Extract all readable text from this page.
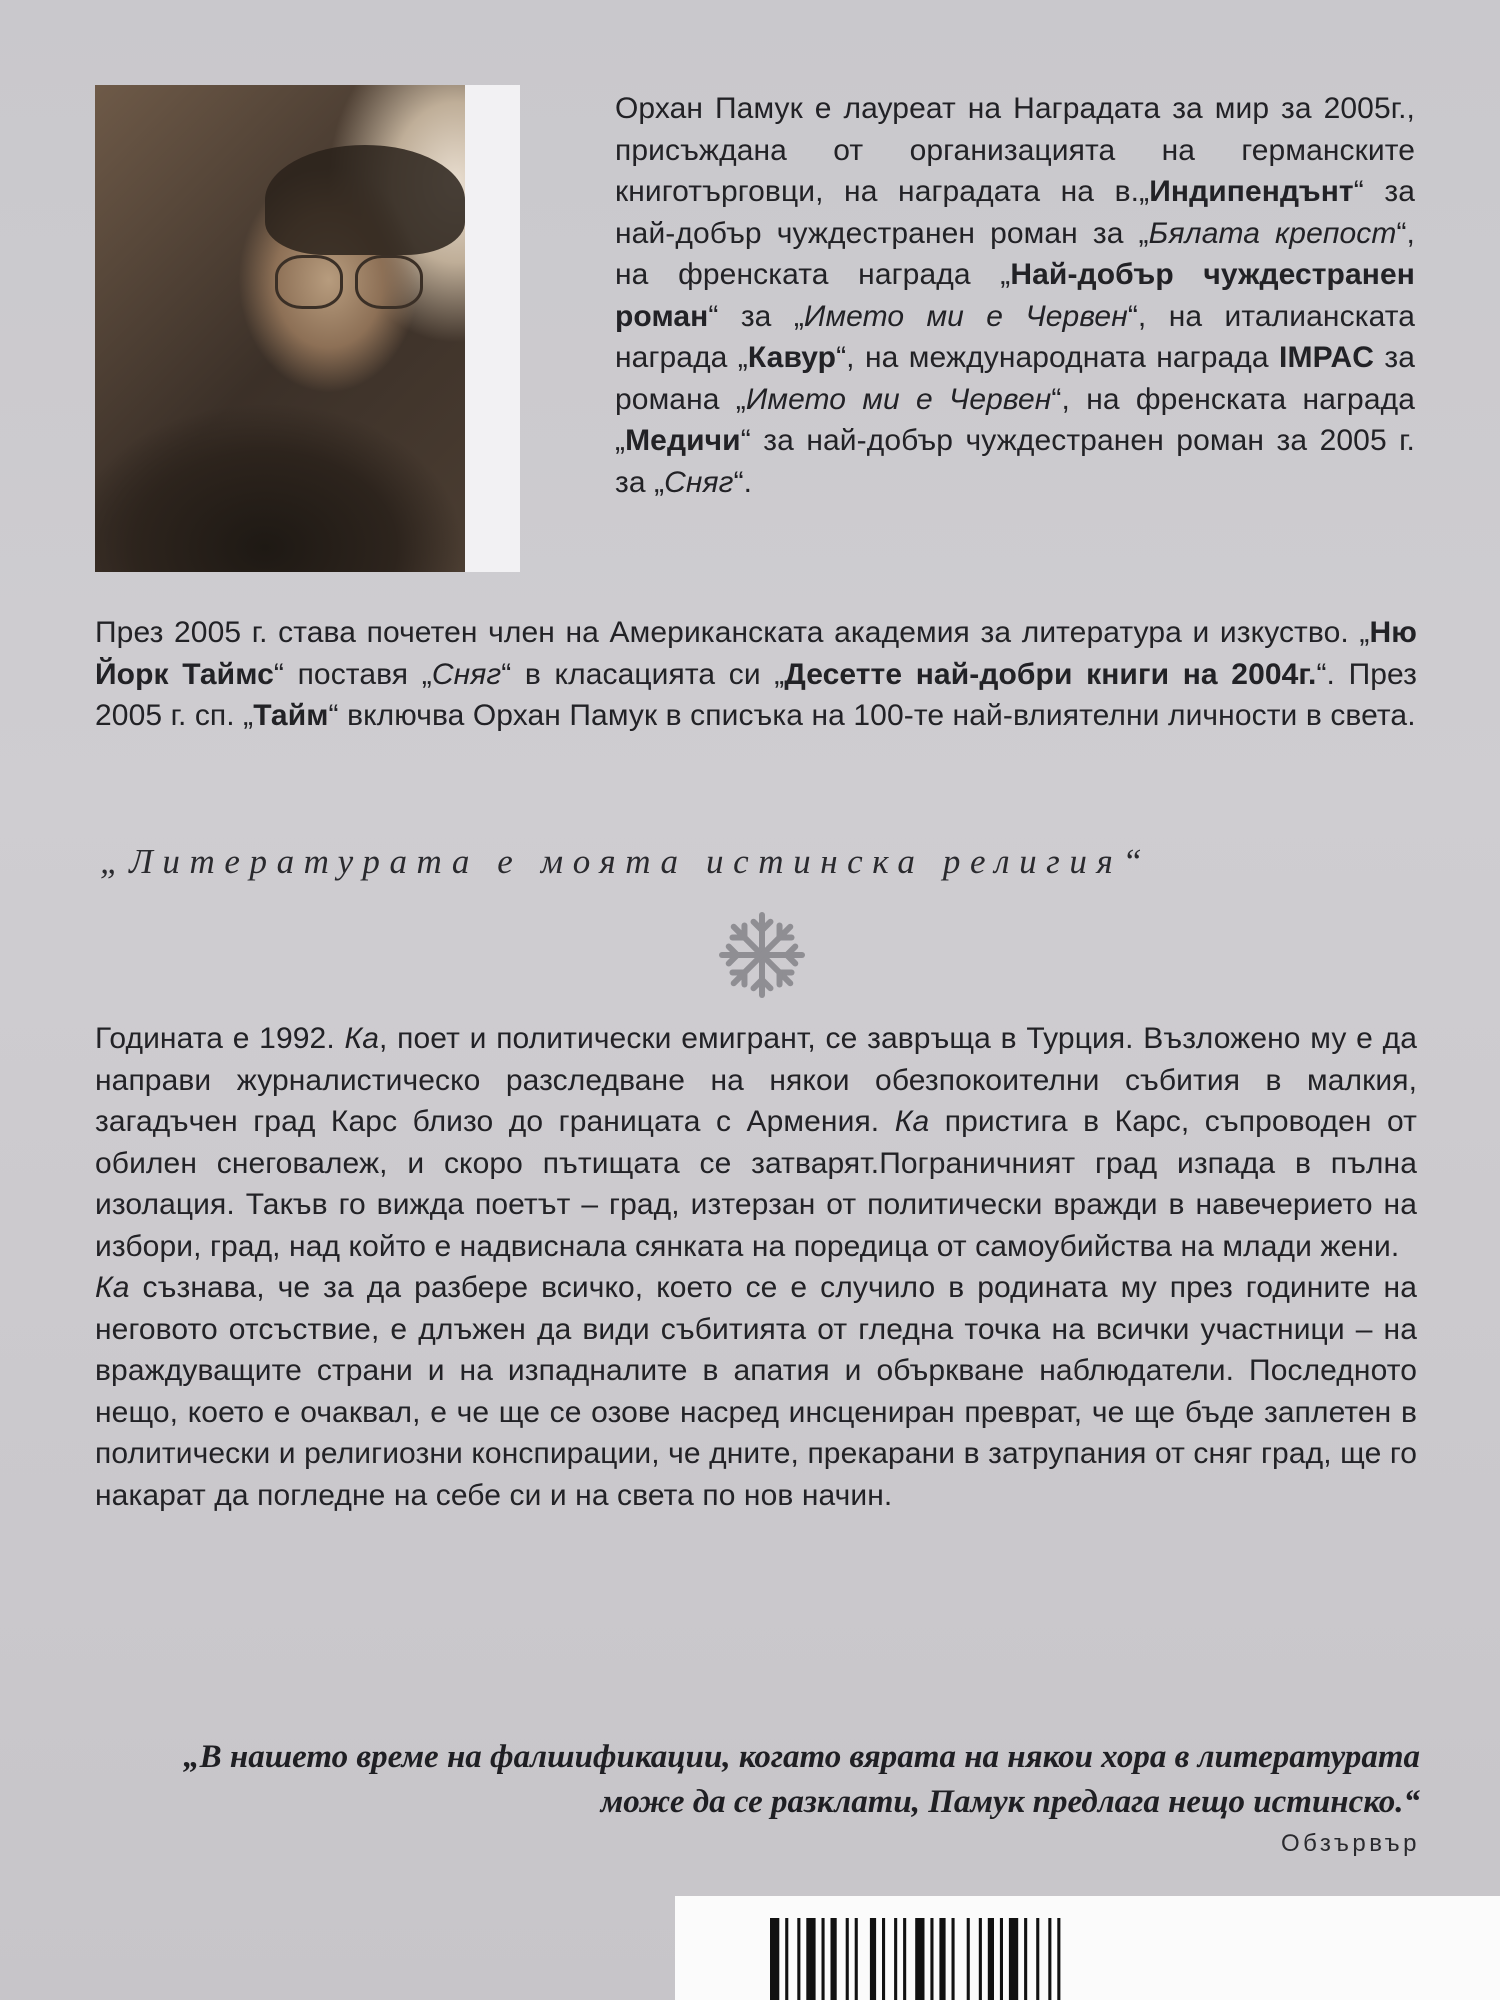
Орхан Памук е лауреат на Наградата за мир за 2005г., присъждана от организацията на германските книготърговци, на наградата на в.„Индипендънт“ за най-добър чуждестранен роман за „Бялата крепост“, на френската награда „Най-добър чуждестранен роман“ за „Името ми е Червен“, на италианската награда „Кавур“, на международната награда IMPAC за романа „Името ми е Червен“, на френската награда „Медичи“ за най-добър чуждестранен роман за 2005 г. за „Сняг“.

През 2005 г. става почетен член на Американската академия за литература и изкуство. „Ню Йорк Таймс“ поставя „Сняг“ в класацията си „Десетте най-добри книги на 2004г.“. През 2005 г. сп. „Тайм“ включва Орхан Памук в списъка на 100-те най-влиятелни личности в света.

„Литературата е моята истинска религия“

Годината е 1992. Ка, поет и политически емигрант, се завръща в Турция. Възложено му е да направи журналистическо разследване на някои обезпокоителни събития в малкия, загадъчен град Карс близо до границата с Армения. Ка пристига в Карс, съпроводен от обилен снеговалеж, и скоро пътищата се затварят.Пограничният град изпада в пълна изолация. Такъв го вижда поетът – град, изтерзан от политически вражди в навечерието на избори, град, над който е надвиснала сянката на поредица от самоубийства на млади жени.
Ка съзнава, че за да разбере всичко, което се е случило в родината му през годините на неговото отсъствие, е длъжен да види събитията от гледна точка на всички участници – на враждуващите страни и на изпадналите в апатия и объркване наблюдатели. Последното нещо, което е очаквал, е че ще се озове насред инсцениран преврат, че ще бъде заплетен в политически и религиозни конспирации, че дните, прекарани в затрупания от сняг град, ще го накарат да погледне на себе си и на света по нов начин.

„В нашето време на фалшификации, когато вярата на някои хора в литературата може да се разклати, Памук предлага нещо истинско.“

Обзървър
